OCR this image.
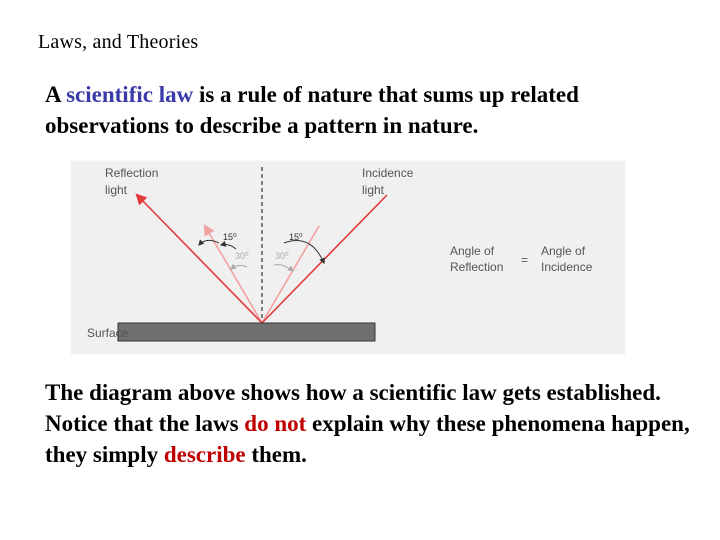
Laws, and Theories
A scientific law is a rule of nature that sums up related observations to describe a pattern in nature.
15⁰	15⁰
30⁰	30⁰
Reflection
light
Incidence
light
Angle of
Reflection =
Angle of
Incidence
Surface
The diagram above shows how a scientific law gets established. Notice that the laws do not explain why these phenomena happen, they simply describe them.
